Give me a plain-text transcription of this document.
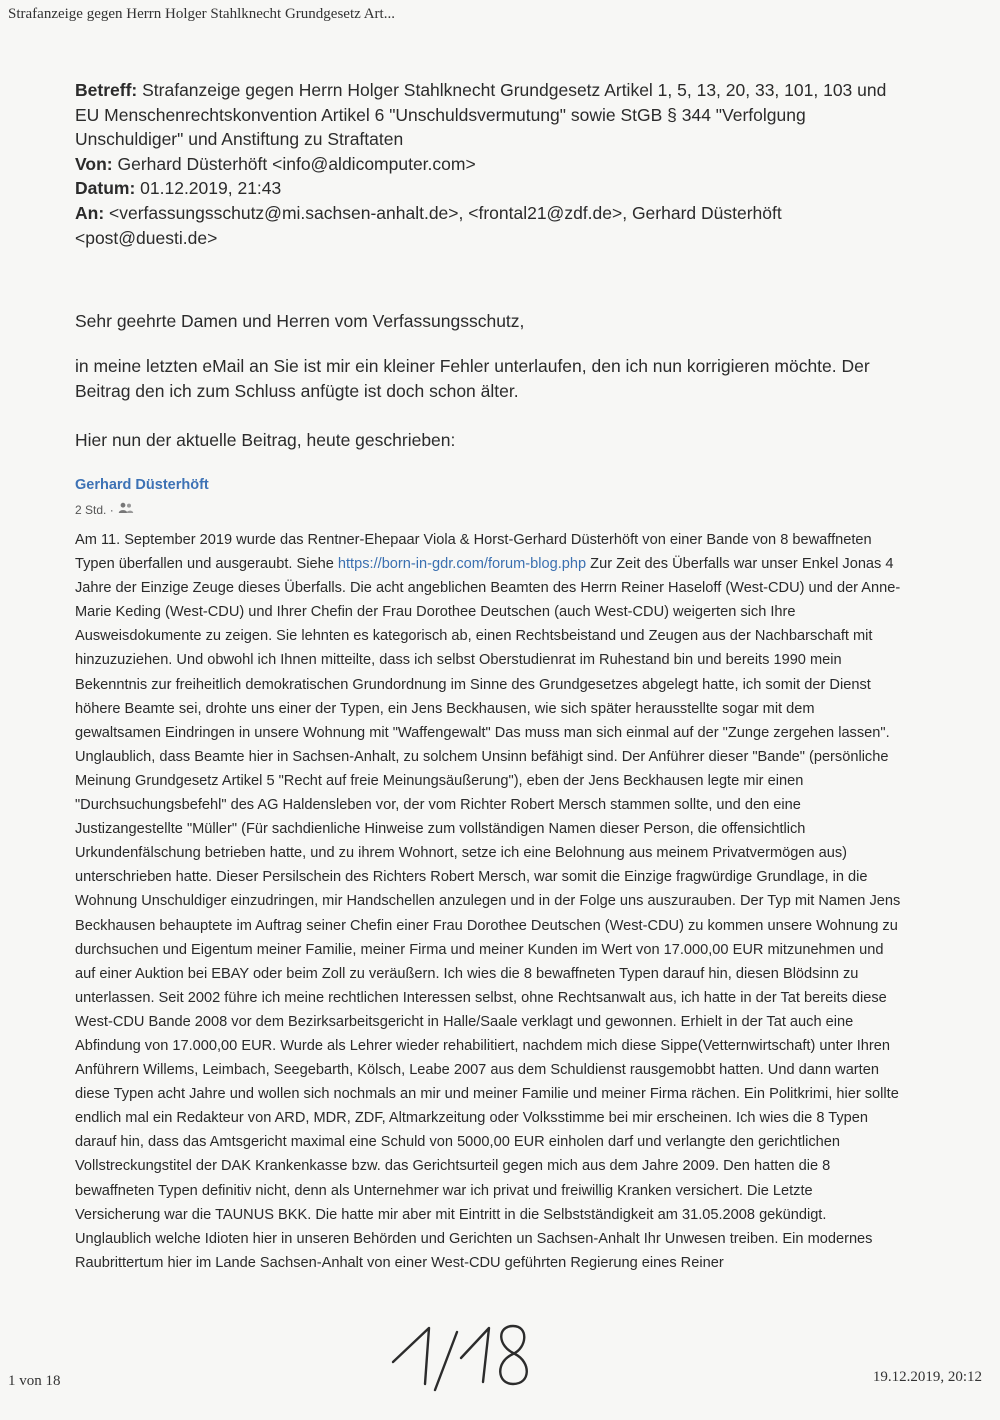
Strafanzeige gegen Herrn Holger Stahlknecht Grundgesetz Art...
Betreff: Strafanzeige gegen Herrn Holger Stahlknecht Grundgesetz Artikel 1, 5, 13, 20, 33, 101, 103 und EU Menschenrechtskonvention Artikel 6 "Unschuldsvermutung" sowie StGB § 344 "Verfolgung Unschuldiger" und Anstiftung zu Straftaten
Von: Gerhard Düsterhöft <info@aldicomputer.com>
Datum: 01.12.2019, 21:43
An: <verfassungsschutz@mi.sachsen-anhalt.de>, <frontal21@zdf.de>, Gerhard Düsterhöft <post@duesti.de>
Sehr geehrte Damen und Herren vom Verfassungsschutz,
in meine letzten eMail an Sie ist mir ein kleiner Fehler unterlaufen, den ich nun korrigieren möchte. Der Beitrag den ich zum Schluss anfügte ist doch schon älter.
Hier nun der aktuelle Beitrag, heute geschrieben:
Gerhard Düsterhöft
2 Std. ·
Am 11. September 2019 wurde das Rentner-Ehepaar Viola & Horst-Gerhard Düsterhöft von einer Bande von 8 bewaffneten Typen überfallen und ausgeraubt. Siehe https://born-in-gdr.com/forum-blog.php Zur Zeit des Überfalls war unser Enkel Jonas 4 Jahre der Einzige Zeuge dieses Überfalls. Die acht angeblichen Beamten des Herrn Reiner Haseloff (West-CDU) und der Anne-Marie Keding (West-CDU) und Ihrer Chefin der Frau Dorothee Deutschen (auch West-CDU) weigerten sich Ihre Ausweisdokumente zu zeigen. Sie lehnten es kategorisch ab, einen Rechtsbeistand und Zeugen aus der Nachbarschaft mit hinzuzuziehen. Und obwohl ich Ihnen mitteilte, dass ich selbst Oberstudienrat im Ruhestand bin und bereits 1990 mein Bekenntnis zur freiheitlich demokratischen Grundordnung im Sinne des Grundgesetzes abgelegt hatte, ich somit der Dienst höhere Beamte sei, drohte uns einer der Typen, ein Jens Beckhausen, wie sich später herausstellte sogar mit dem gewaltsamen Eindringen in unsere Wohnung mit "Waffengewalt" Das muss man sich einmal auf der "Zunge zergehen lassen". Unglaublich, dass Beamte hier in Sachsen-Anhalt, zu solchem Unsinn befähigt sind. Der Anführer dieser "Bande" (persönliche Meinung Grundgesetz Artikel 5 "Recht auf freie Meinungsäußerung"), eben der Jens Beckhausen legte mir einen "Durchsuchungsbefehl" des AG Haldensleben vor, der vom Richter Robert Mersch stammen sollte, und den eine Justizangestellte "Müller" (Für sachdienliche Hinweise zum vollständigen Namen dieser Person, die offensichtlich Urkundenfälschung betrieben hatte, und zu ihrem Wohnort, setze ich eine Belohnung aus meinem Privatvermögen aus) unterschrieben hatte. Dieser Persilschein des Richters Robert Mersch, war somit die Einzige fragwürdige Grundlage, in die Wohnung Unschuldiger einzudringen, mir Handschellen anzulegen und in der Folge uns auszurauben. Der Typ mit Namen Jens Beckhausen behauptete im Auftrag seiner Chefin einer Frau Dorothee Deutschen (West-CDU) zu kommen unsere Wohnung zu durchsuchen und Eigentum meiner Familie, meiner Firma und meiner Kunden im Wert von 17.000,00 EUR mitzunehmen und auf einer Auktion bei EBAY oder beim Zoll zu veräußern. Ich wies die 8 bewaffneten Typen darauf hin, diesen Blödsinn zu unterlassen. Seit 2002 führe ich meine rechtlichen Interessen selbst, ohne Rechtsanwalt aus, ich hatte in der Tat bereits diese West-CDU Bande 2008 vor dem Bezirksarbeitsgericht in Halle/Saale verklagt und gewonnen. Erhielt in der Tat auch eine Abfindung von 17.000,00 EUR. Wurde als Lehrer wieder rehabilitiert, nachdem mich diese Sippe(Vetternwirtschaft) unter Ihren Anführern Willems, Leimbach, Seegebarth, Kölsch, Leabe 2007 aus dem Schuldienst rausgemobbt hatten. Und dann warten diese Typen acht Jahre und wollen sich nochmals an mir und meiner Familie und meiner Firma rächen. Ein Politkrimi, hier sollte endlich mal ein Redakteur von ARD, MDR, ZDF, Altmarkzeitung oder Volksstimme bei mir erscheinen. Ich wies die 8 Typen darauf hin, dass das Amtsgericht maximal eine Schuld von 5000,00 EUR einholen darf und verlangte den gerichtlichen Vollstreckungstitel der DAK Krankenkasse bzw. das Gerichtsurteil gegen mich aus dem Jahre 2009. Den hatten die 8 bewaffneten Typen definitiv nicht, denn als Unternehmer war ich privat und freiwillig Kranken versichert. Die Letzte Versicherung war die TAUNUS BKK. Die hatte mir aber mit Eintritt in die Selbstständigkeit am 31.05.2008 gekündigt. Unglaublich welche Idioten hier in unseren Behörden und Gerichten un Sachsen-Anhalt Ihr Unwesen treiben. Ein modernes Raubrittertum hier im Lande Sachsen-Anhalt von einer West-CDU geführten Regierung eines Reiner
1 von 18	19.12.2019, 20:12
